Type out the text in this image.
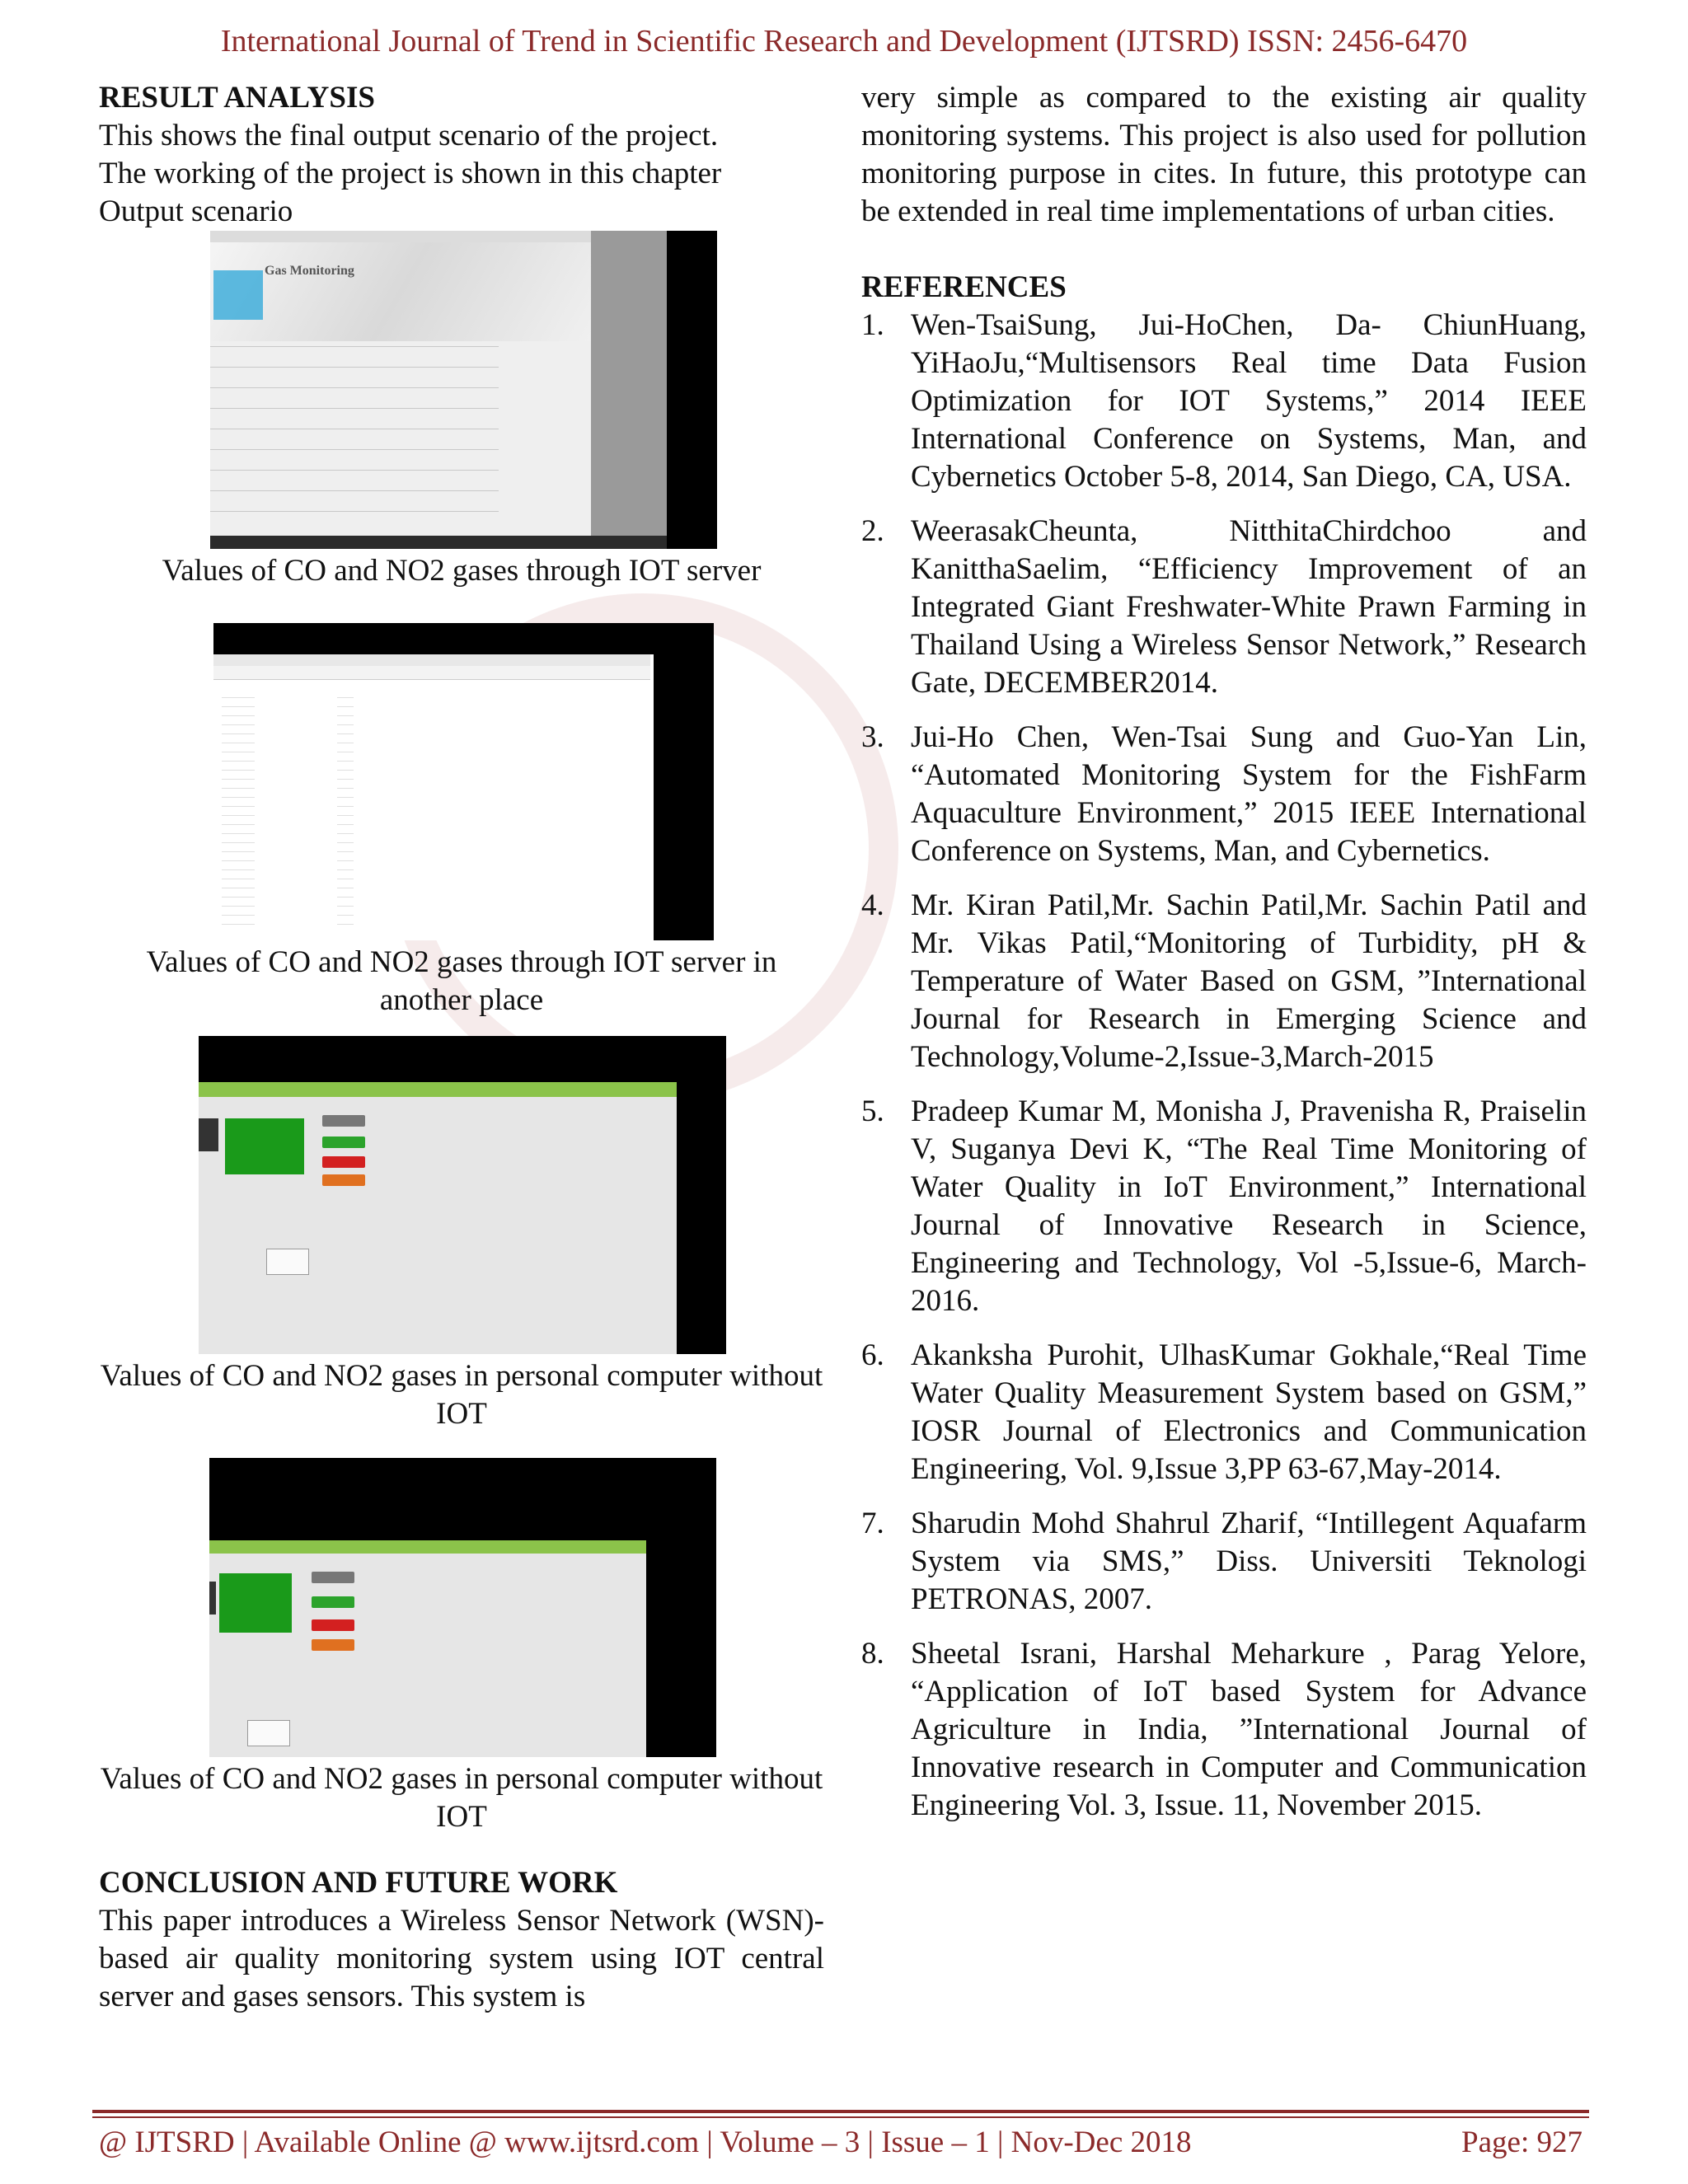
International Journal of Trend in Scientific Research and Development (IJTSRD) ISSN: 2456-6470

RESULT ANALYSIS

This shows the final output scenario of the project.

The working of the project is shown in this chapter

Output scenario

Gas Monitoring

Values of CO and NO2 gases through IOT server

Values of CO and NO2 gases through IOT server in another place

Values of CO and NO2 gases in personal computer without IOT

Values of CO and NO2 gases in personal computer without IOT

CONCLUSION AND FUTURE WORK

This paper introduces a Wireless Sensor Network (WSN)-based air quality monitoring system using IOT central server and gases sensors. This system is

very simple as compared to the existing air quality monitoring systems. This project is also used for pollution monitoring purpose in cites. In future, this prototype can be extended in real time implementations of urban cities.

REFERENCES

1. Wen-TsaiSung, Jui-HoChen, Da- ChiunHuang, YiHaoJu,“Multisensors Real time Data Fusion Optimization for IOT Systems,” 2014 IEEE International Conference on Systems, Man, and Cybernetics October 5-8, 2014, San Diego, CA, USA.
2. WeerasakCheunta, NitthitaChirdchoo and KanitthaSaelim, “Efficiency Improvement of an Integrated Giant Freshwater-White Prawn Farming in Thailand Using a Wireless Sensor Network,” Research Gate, DECEMBER2014.
3. Jui-Ho Chen, Wen-Tsai Sung and Guo-Yan Lin, “Automated Monitoring System for the FishFarm Aquaculture Environment,” 2015 IEEE International Conference on Systems, Man, and Cybernetics.
4. Mr. Kiran Patil,Mr. Sachin Patil,Mr. Sachin Patil and Mr. Vikas Patil,“Monitoring of Turbidity, pH & Temperature of Water Based on GSM, ”International Journal for Research in Emerging Science and Technology,Volume-2,Issue-3,March-2015
5. Pradeep Kumar M, Monisha J, Pravenisha R, Praiselin V, Suganya Devi K, “The Real Time Monitoring of Water Quality in IoT Environment,” International Journal of Innovative Research in Science, Engineering and Technology, Vol -5,Issue-6, March-2016.
6. Akanksha Purohit, UlhasKumar Gokhale,“Real Time Water Quality Measurement System based on GSM,” IOSR Journal of Electronics and Communication Engineering, Vol. 9,Issue 3,PP 63-67,May-2014.
7. Sharudin Mohd Shahrul Zharif, “Intillegent Aquafarm System via SMS,” Diss. Universiti Teknologi PETRONAS, 2007.
8. Sheetal Israni, Harshal Meharkure , Parag Yelore, “Application of IoT based System for Advance Agriculture in India, ”International Journal of Innovative research in Computer and Communication Engineering Vol. 3, Issue. 11, November 2015.
@ IJTSRD | Available Online @ www.ijtsrd.com | Volume – 3 | Issue – 1 | Nov-Dec 2018	Page: 927
